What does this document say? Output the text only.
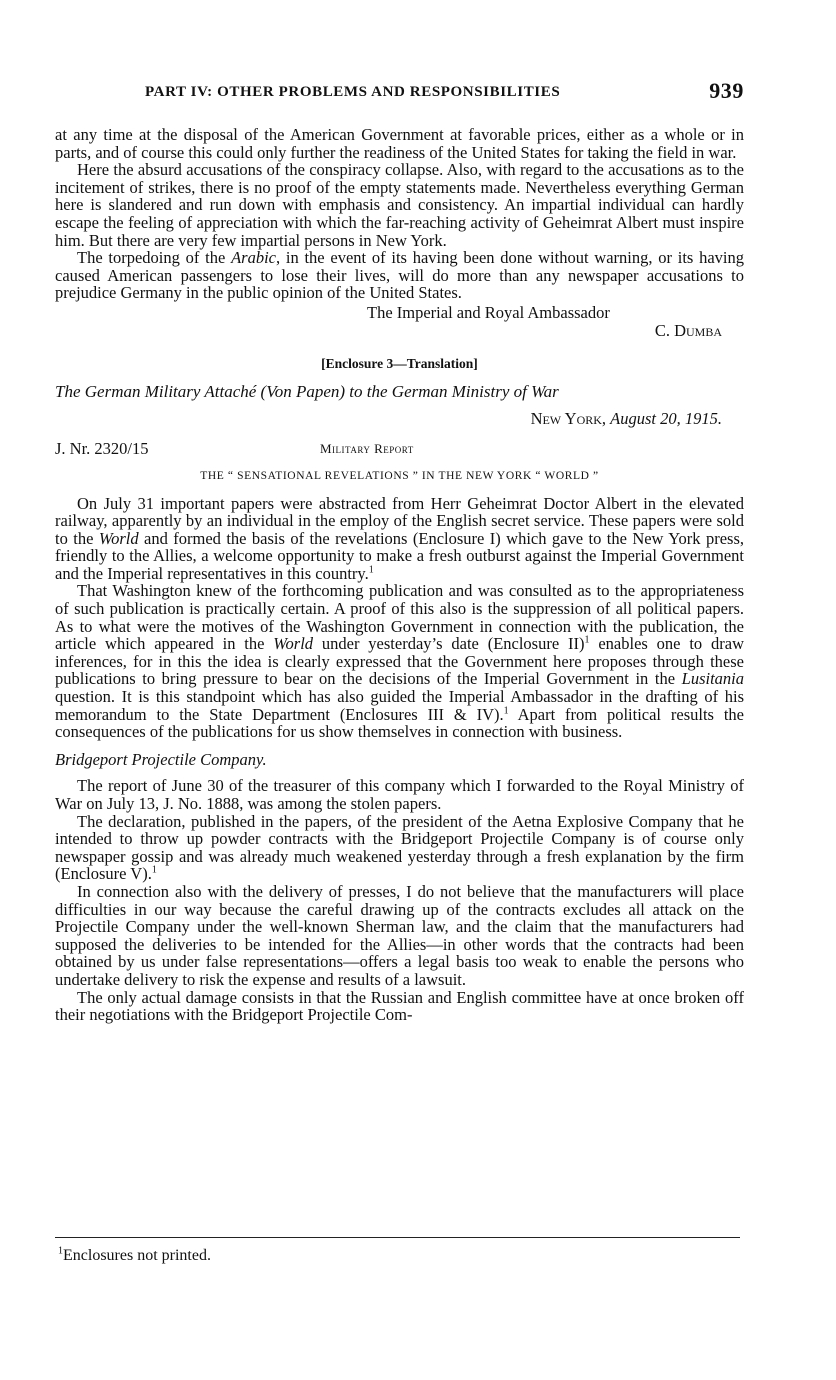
PART IV: OTHER PROBLEMS AND RESPONSIBILITIES	939

at any time at the disposal of the American Government at favorable prices, either as a whole or in parts, and of course this could only further the readiness of the United States for taking the field in war.

Here the absurd accusations of the conspiracy collapse. Also, with regard to the accusations as to the incitement of strikes, there is no proof of the empty statements made. Nevertheless everything German here is slandered and run down with emphasis and consistency. An impartial individual can hardly escape the feeling of appreciation with which the far-reaching activity of Geheimrat Albert must inspire him. But there are very few impartial persons in New York.

The torpedoing of the Arabic, in the event of its having been done without warning, or its having caused American passengers to lose their lives, will do more than any newspaper accusations to prejudice Germany in the public opinion of the United States.

The Imperial and Royal Ambassador
C. Dumba
[Enclosure 3—Translation]
The German Military Attaché (Von Papen) to the German Ministry of War
New York, August 20, 1915.
J. Nr. 2320/15	Military Report
THE “ SENSATIONAL REVELATIONS ” IN THE NEW YORK “ WORLD ”

On July 31 important papers were abstracted from Herr Geheimrat Doctor Albert in the elevated railway, apparently by an individual in the employ of the English secret service. These papers were sold to the World and formed the basis of the revelations (Enclosure I) which gave to the New York press, friendly to the Allies, a welcome opportunity to make a fresh outburst against the Imperial Government and the Imperial representatives in this country.$^1$

That Washington knew of the forthcoming publication and was consulted as to the appropriateness of such publication is practically certain. A proof of this also is the suppression of all political papers. As to what were the motives of the Washington Government in connection with the publication, the article which appeared in the World under yesterday’s date (Enclosure II)$^1$ enables one to draw inferences, for in this the idea is clearly expressed that the Government here proposes through these publications to bring pressure to bear on the decisions of the Imperial Government in the Lusitania question. It is this standpoint which has also guided the Imperial Ambassador in the drafting of his memorandum to the State Department (Enclosures III & IV).$^1$ Apart from political results the consequences of the publications for us show themselves in connection with business.

Bridgeport Projectile Company.

The report of June 30 of the treasurer of this company which I forwarded to the Royal Ministry of War on July 13, J. No. 1888, was among the stolen papers.

The declaration, published in the papers, of the president of the Aetna Explosive Company that he intended to throw up powder contracts with the Bridgeport Projectile Company is of course only newspaper gossip and was already much weakened yesterday through a fresh explanation by the firm (Enclosure V).$^1$

In connection also with the delivery of presses, I do not believe that the manufacturers will place difficulties in our way because the careful drawing up of the contracts excludes all attack on the Projectile Company under the well-known Sherman law, and the claim that the manufacturers had supposed the deliveries to be intended for the Allies—in other words that the contracts had been obtained by us under false representations—offers a legal basis too weak to enable the persons who undertake delivery to risk the expense and results of a lawsuit.

The only actual damage consists in that the Russian and English committee have at once broken off their negotiations with the Bridgeport Projectile Com-

$^1$Enclosures not printed.
